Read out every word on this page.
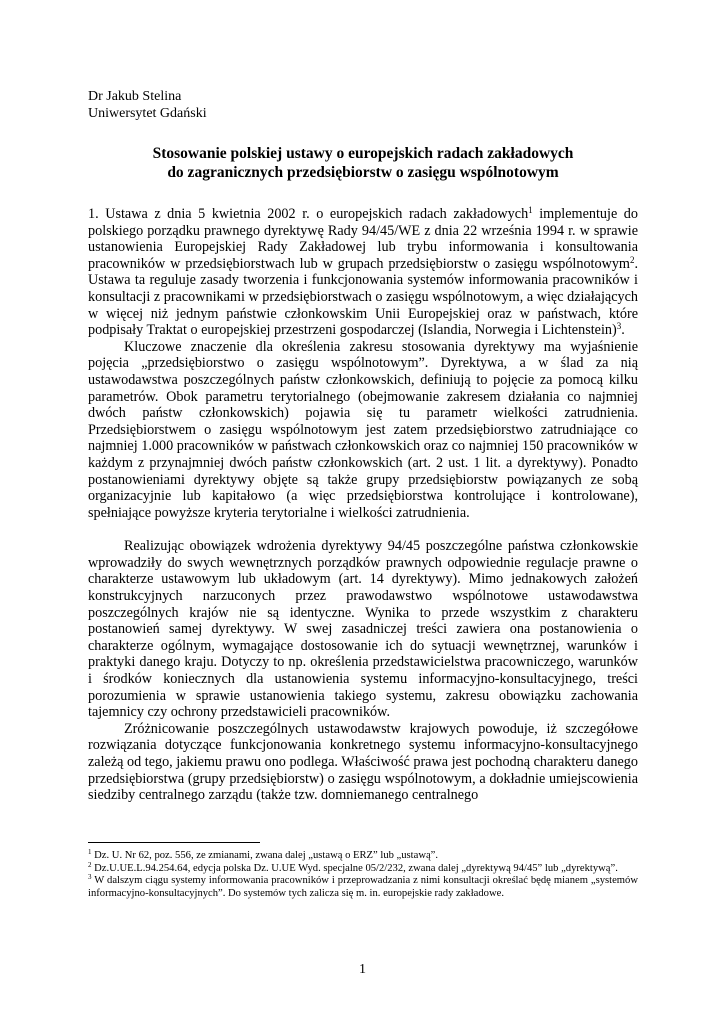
Dr Jakub Stelina
Uniwersytet Gdański
Stosowanie polskiej ustawy o europejskich radach zakładowych
do zagranicznych przedsiębiorstw o zasięgu wspólnotowym

1. Ustawa z dnia 5 kwietnia 2002 r. o europejskich radach zakładowych$^1$ implementuje do polskiego porządku prawnego dyrektywę Rady 94/45/WE z dnia 22 września 1994 r. w sprawie ustanowienia Europejskiej Rady Zakładowej lub trybu informowania i konsultowania pracowników w przedsiębiorstwach lub w grupach przedsiębiorstw o zasięgu wspólnotowym$^2$. Ustawa ta reguluje zasady tworzenia i funkcjonowania systemów informowania pracowników i konsultacji z pracownikami w przedsiębiorstwach o zasięgu wspólnotowym, a więc działających w więcej niż jednym państwie członkowskim Unii Europejskiej oraz w państwach, które podpisały Traktat o europejskiej przestrzeni gospodarczej (Islandia, Norwegia i Lichtenstein)$^3$.

Kluczowe znaczenie dla określenia zakresu stosowania dyrektywy ma wyjaśnienie pojęcia „przedsiębiorstwo o zasięgu wspólnotowym”. Dyrektywa, a w ślad za nią ustawodawstwa poszczególnych państw członkowskich, definiują to pojęcie za pomocą kilku parametrów. Obok parametru terytorialnego (obejmowanie zakresem działania co najmniej dwóch państw członkowskich) pojawia się tu parametr wielkości zatrudnienia. Przedsiębiorstwem o zasięgu wspólnotowym jest zatem przedsiębiorstwo zatrudniające co najmniej 1.000 pracowników w państwach członkowskich oraz co najmniej 150 pracowników w każdym z przynajmniej dwóch państw członkowskich (art. 2 ust. 1 lit. a dyrektywy). Ponadto postanowieniami dyrektywy objęte są także grupy przedsiębiorstw powiązanych ze sobą organizacyjnie lub kapitałowo (a więc przedsiębiorstwa kontrolujące i kontrolowane), spełniające powyższe kryteria terytorialne i wielkości zatrudnienia.

Realizując obowiązek wdrożenia dyrektywy 94/45 poszczególne państwa członkowskie wprowadziły do swych wewnętrznych porządków prawnych odpowiednie regulacje prawne o charakterze ustawowym lub układowym (art. 14 dyrektywy). Mimo jednakowych założeń konstrukcyjnych narzuconych przez prawodawstwo wspólnotowe ustawodawstwa poszczególnych krajów nie są identyczne. Wynika to przede wszystkim z charakteru postanowień samej dyrektywy. W swej zasadniczej treści zawiera ona postanowienia o charakterze ogólnym, wymagające dostosowanie ich do sytuacji wewnętrznej, warunków i praktyki danego kraju. Dotyczy to np. określenia przedstawicielstwa pracowniczego, warunków i środków koniecznych dla ustanowienia systemu informacyjno-konsultacyjnego, treści porozumienia w sprawie ustanowienia takiego systemu, zakresu obowiązku zachowania tajemnicy czy ochrony przedstawicieli pracowników.

Zróżnicowanie poszczególnych ustawodawstw krajowych powoduje, iż szczegółowe rozwiązania dotyczące funkcjonowania konkretnego systemu informacyjno-konsultacyjnego zależą od tego, jakiemu prawu ono podlega. Właściwość prawa jest pochodną charakteru danego przedsiębiorstwa (grupy przedsiębiorstw) o zasięgu wspólnotowym, a dokładnie umiejscowienia siedziby centralnego zarządu (także tzw. domniemanego centralnego

$^1$ Dz. U. Nr 62, poz. 556, ze zmianami, zwana dalej „ustawą o ERZ” lub „ustawą”.

$^2$ Dz.U.UE.L.94.254.64, edycja polska Dz. U.UE Wyd. specjalne 05/2/232, zwana dalej „dyrektywą 94/45” lub „dyrektywą”.

$^3$ W dalszym ciągu systemy informowania pracowników i przeprowadzania z nimi konsultacji określać będę mianem „systemów informacyjno-konsultacyjnych”. Do systemów tych zalicza się m. in. europejskie rady zakładowe.

1
